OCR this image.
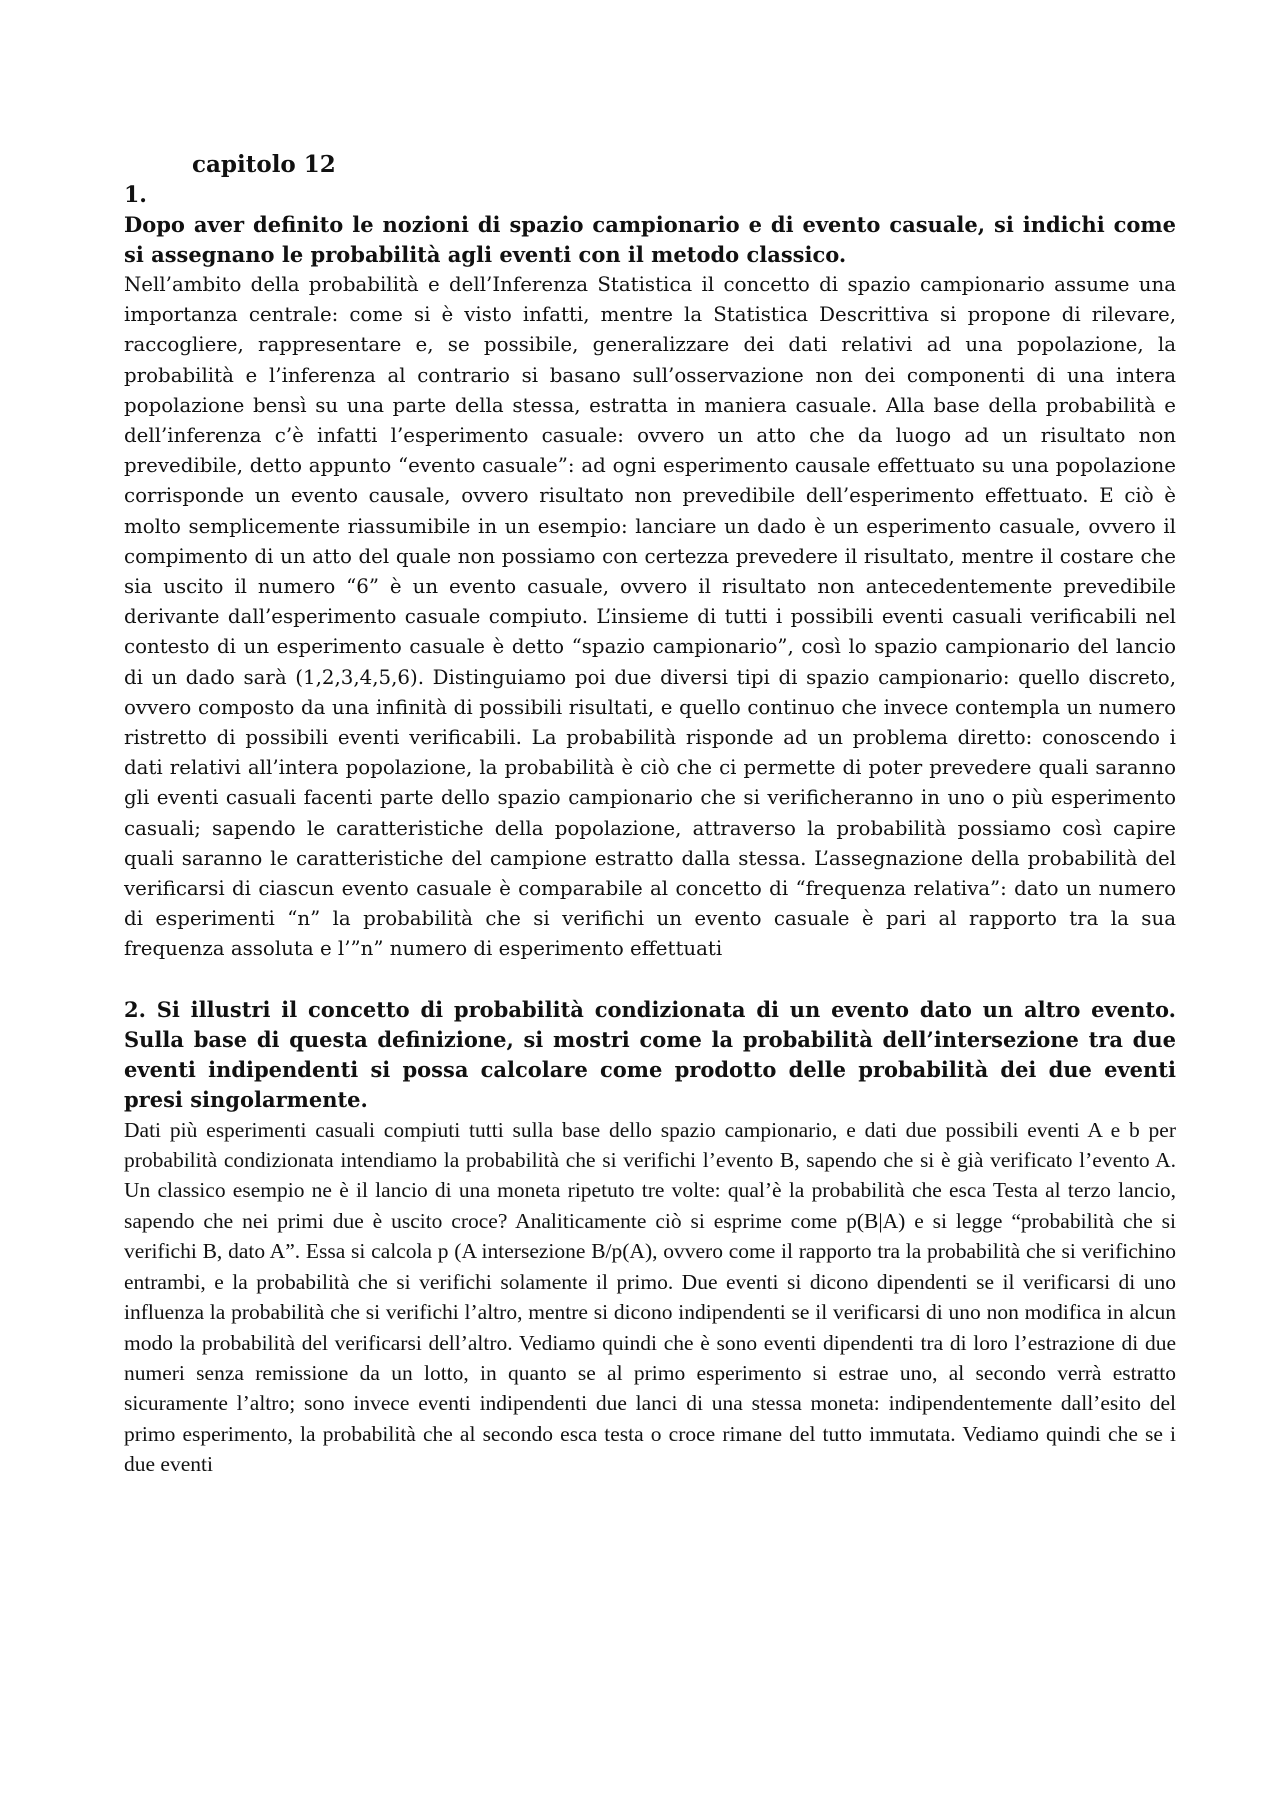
capitolo 12

1.

Dopo aver definito le nozioni di spazio campionario e di evento casuale, si indichi come si assegnano le probabilità agli eventi con il metodo classico.

Nell’ambito della probabilità e dell’Inferenza Statistica il concetto di spazio campionario assume una importanza centrale: come si è visto infatti, mentre la Statistica Descrittiva si propone di rilevare, raccogliere, rappresentare e, se possibile, generalizzare dei dati relativi ad una popolazione, la probabilità e l’inferenza al contrario si basano sull’osservazione non dei componenti di una intera popolazione bensì su una parte della stessa, estratta in maniera casuale. Alla base della probabilità e dell’inferenza c’è infatti l’esperimento casuale: ovvero un atto che da luogo ad un risultato non prevedibile, detto appunto “evento casuale”: ad ogni esperimento causale effettuato su una popolazione corrisponde un evento causale, ovvero risultato non prevedibile dell’esperimento effettuato. E ciò è molto semplicemente riassumibile in un esempio: lanciare un dado è un esperimento casuale, ovvero il compimento di un atto del quale non possiamo con certezza prevedere il risultato, mentre il costare che sia uscito il numero “6” è un evento casuale, ovvero il risultato non antecedentemente prevedibile derivante dall’esperimento casuale compiuto. L’insieme di tutti i possibili eventi casuali verificabili nel contesto di un esperimento casuale è detto “spazio campionario”, così lo spazio campionario del lancio di un dado sarà (1,2,3,4,5,6). Distinguiamo poi due diversi tipi di spazio campionario: quello discreto, ovvero composto da una infinità di possibili risultati, e quello continuo che invece contempla un numero ristretto di possibili eventi verificabili. La probabilità risponde ad un problema diretto: conoscendo i dati relativi all’intera popolazione, la probabilità è ciò che ci permette di poter prevedere quali saranno gli eventi casuali facenti parte dello spazio campionario che si verificheranno in uno o più esperimento casuali; sapendo le caratteristiche della popolazione, attraverso la probabilità possiamo così capire quali saranno le caratteristiche del campione estratto dalla stessa. L’assegnazione della probabilità del verificarsi di ciascun evento casuale è comparabile al concetto di “frequenza relativa”: dato un numero di esperimenti “n” la probabilità che si verifichi un evento casuale è pari al rapporto tra la sua frequenza assoluta e l’”n” numero di esperimento effettuati

2. Si illustri il concetto di probabilità condizionata di un evento dato un altro evento. Sulla base di questa definizione, si mostri come la probabilità dell’intersezione tra due eventi indipendenti si possa calcolare come prodotto delle probabilità dei due eventi presi singolarmente.

Dati più esperimenti casuali compiuti tutti sulla base dello spazio campionario, e dati due possibili eventi A e b per probabilità condizionata intendiamo la probabilità che si verifichi l’evento B, sapendo che si è già verificato l’evento A. Un classico esempio ne è il lancio di una moneta ripetuto tre volte: qual’è la probabilità che esca Testa al terzo lancio, sapendo che nei primi due è uscito croce? Analiticamente ciò si esprime come p(B|A) e si legge “probabilità che si verifichi B, dato A”. Essa si calcola p (A intersezione B/p(A), ovvero come il rapporto tra la probabilità che si verifichino entrambi, e la probabilità che si verifichi solamente il primo. Due eventi si dicono dipendenti se il verificarsi di uno influenza la probabilità che si verifichi l’altro, mentre si dicono indipendenti se il verificarsi di uno non modifica in alcun modo la probabilità del verificarsi dell’altro. Vediamo quindi che è sono eventi dipendenti tra di loro l’estrazione di due numeri senza remissione da un lotto, in quanto se al primo esperimento si estrae uno, al secondo verrà estratto sicuramente l’altro; sono invece eventi indipendenti due lanci di una stessa moneta: indipendentemente dall’esito del primo esperimento, la probabilità che al secondo esca testa o croce rimane del tutto immutata. Vediamo quindi che se i due eventi
